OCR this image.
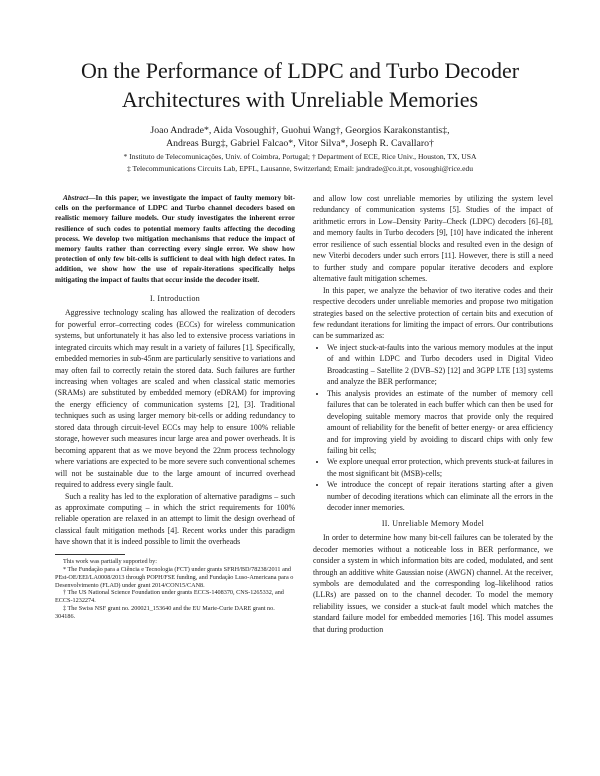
On the Performance of LDPC and Turbo Decoder
Architectures with Unreliable Memories
Joao Andrade*, Aida Vosoughi†, Guohui Wang†, Georgios Karakonstantis‡,
Andreas Burg‡, Gabriel Falcao*, Vitor Silva*, Joseph R. Cavallaro†
* Instituto de Telecomunicações, Univ. of Coimbra, Portugal; † Department of ECE, Rice Univ., Houston, TX, USA
‡ Telecommunications Circuits Lab, EPFL, Lausanne, Switzerland; Email: jandrade@co.it.pt, vosoughi@rice.edu

Abstract—In this paper, we investigate the impact of faulty memory bit-cells on the performance of LDPC and Turbo channel decoders based on realistic memory failure models. Our study investigates the inherent error resilience of such codes to potential memory faults affecting the decoding process. We develop two mitigation mechanisms that reduce the impact of memory faults rather than correcting every single error. We show how protection of only few bit-cells is sufficient to deal with high defect rates. In addition, we show how the use of repair-iterations specifically helps mitigating the impact of faults that occur inside the decoder itself.

I. Introduction

Aggressive technology scaling has allowed the realization of decoders for powerful error–correcting codes (ECCs) for wireless communication systems, but unfortunately it has also led to extensive process variations in integrated circuits which may result in a variety of failures [1]. Specifically, embedded memories in sub-45nm are particularly sensitive to variations and may often fail to correctly retain the stored data. Such failures are further increasing when voltages are scaled and when classical static memories (SRAMs) are substituted by embedded memory (eDRAM) for improving the energy efficiency of communication systems [2], [3]. Traditional techniques such as using larger memory bit-cells or adding redundancy to stored data through circuit-level ECCs may help to ensure 100% reliable storage, however such measures incur large area and power overheads. It is becoming apparent that as we move beyond the 22nm process technology where variations are expected to be more severe such conventional schemes will not be sustainable due to the large amount of incurred overhead required to address every single fault.

Such a reality has led to the exploration of alternative paradigms – such as approximate computing – in which the strict requirements for 100% reliable operation are relaxed in an attempt to limit the design overhead of classical fault mitigation methods [4]. Recent works under this paradigm have shown that it is indeed possible to limit the overheads

This work was partially supported by:

* The Fundação para a Ciência e Tecnologia (FCT) under grants SFRH/BD/78238/2011 and PEst-OE/EEI/LA0008/2013 through POPH/FSE funding, and Fundação Luso-Americana para o Desenvolvimento (FLAD) under grant 2014/CON15/CAN8.

† The US National Science Foundation under grants ECCS-1408370, CNS-1265332, and ECCS-1232274.

‡ The Swiss NSF grant no. 200021_153640 and the EU Marie-Curie DARE grant no. 304186.

and allow low cost unreliable memories by utilizing the system level redundancy of communication systems [5]. Studies of the impact of arithmetic errors in Low–Density Parity–Check (LDPC) decoders [6]–[8], and memory faults in Turbo decoders [9], [10] have indicated the inherent error resilience of such essential blocks and resulted even in the design of new Viterbi decoders under such errors [11]. However, there is still a need to further study and compare popular iterative decoders and explore alternative fault mitigation schemes.

In this paper, we analyze the behavior of two iterative codes and their respective decoders under unreliable memories and propose two mitigation strategies based on the selective protection of certain bits and execution of few redundant iterations for limiting the impact of errors. Our contributions can be summarized as:

• We inject stuck-at-faults into the various memory modules at the input of and within LDPC and Turbo decoders used in Digital Video Broadcasting – Satellite 2 (DVB–S2) [12] and 3GPP LTE [13] systems and analyze the BER performance;
• This analysis provides an estimate of the number of memory cell failures that can be tolerated in each buffer which can then be used for developing suitable memory macros that provide only the required amount of reliability for the benefit of better energy- or area efficiency and for improving yield by avoiding to discard chips with only few failing bit cells;
• We explore unequal error protection, which prevents stuck-at failures in the most significant bit (MSB)-cells;
• We introduce the concept of repair iterations starting after a given number of decoding iterations which can eliminate all the errors in the decoder inner memories.
II. Unreliable Memory Model

In order to determine how many bit-cell failures can be tolerated by the decoder memories without a noticeable loss in BER performance, we consider a system in which information bits are coded, modulated, and sent through an additive white Gaussian noise (AWGN) channel. At the receiver, symbols are demodulated and the corresponding log–likelihood ratios (LLRs) are passed on to the channel decoder. To model the memory reliability issues, we consider a stuck-at fault model which matches the standard failure model for embedded memories [16]. This model assumes that during production
